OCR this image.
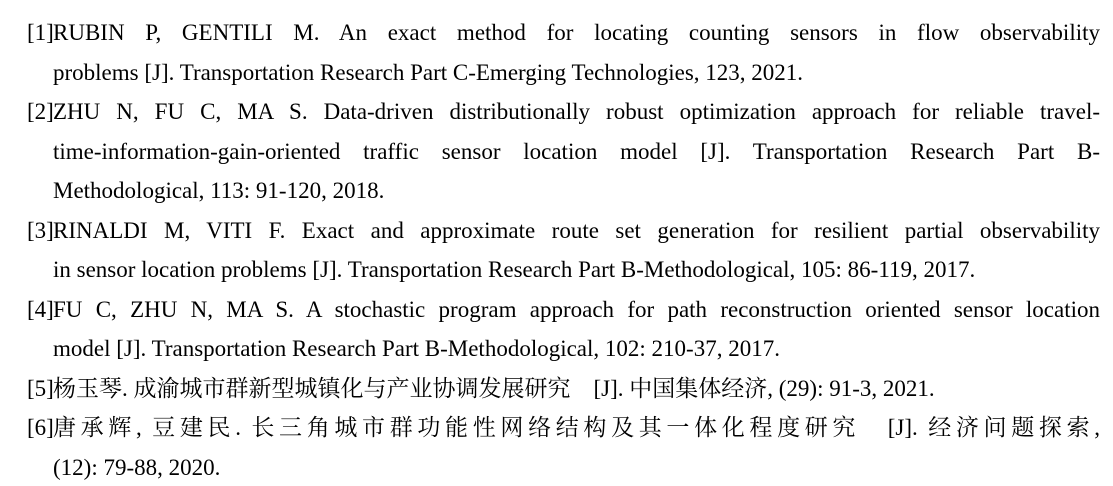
[1] RUBIN P, GENTILI M. An exact method for locating counting sensors in flow observability
problems [J]. Transportation Research Part C-Emerging Technologies, 123, 2021.
[2] ZHU N, FU C, MA S. Data-driven distributionally robust optimization approach for reliable travel-
time-information-gain-oriented traffic sensor location model [J]. Transportation Research Part B-
Methodological, 113: 91-120, 2018.
[3] RINALDI M, VITI F. Exact and approximate route set generation for resilient partial observability
in sensor location problems [J]. Transportation Research Part B-Methodological, 105: 86-119, 2017.
[4] FU C, ZHU N, MA S. A stochastic program approach for path reconstruction oriented sensor location
model [J]. Transportation Research Part B-Methodological, 102: 210-37, 2017.
[5] 杨玉琴. 成渝城市群新型城镇化与产业协调发展研究　[J]. 中国集体经济, (29): 91-3, 2021.
[6] 唐承辉, 豆建民. 长三角城市群功能性网络结构及其一体化程度研究　[J]. 经济问题探索,
(12): 79-88, 2020.
